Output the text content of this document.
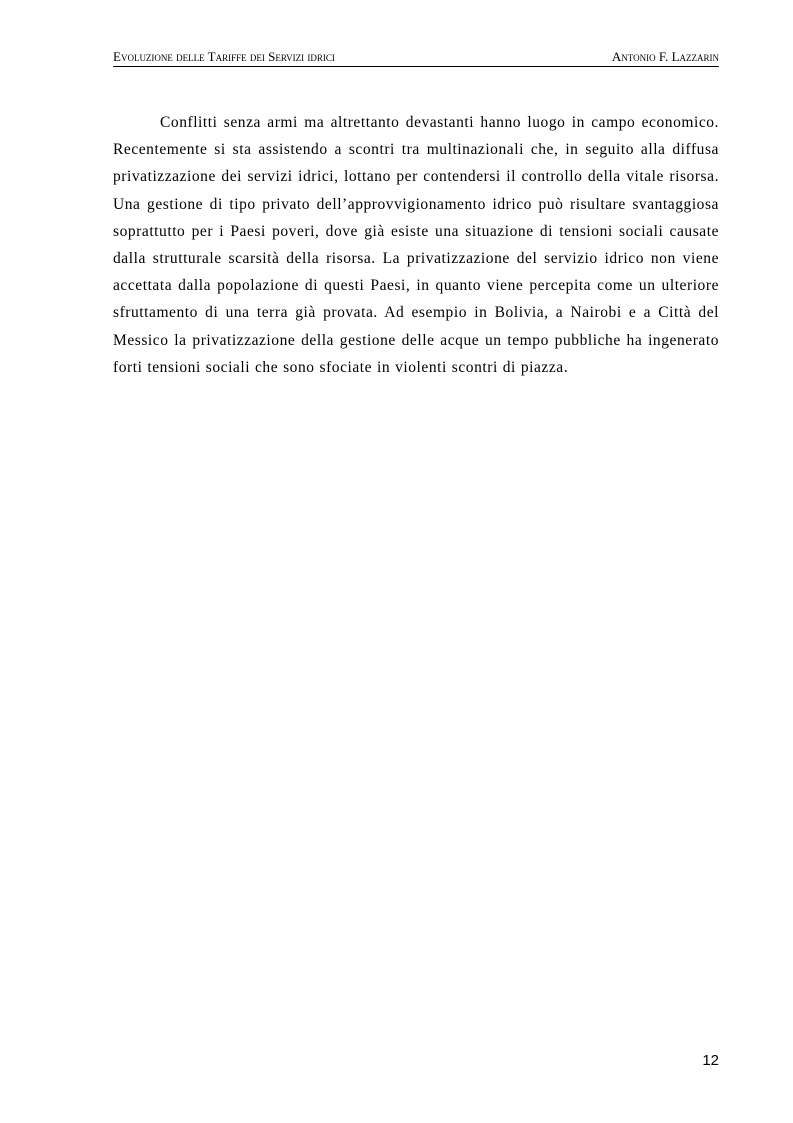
Evoluzione delle Tariffe dei Servizi idrici	Antonio F. Lazzarin

Conflitti senza armi ma altrettanto devastanti hanno luogo in campo economico. Recentemente si sta assistendo a scontri tra multinazionali che, in seguito alla diffusa privatizzazione dei servizi idrici, lottano per contendersi il controllo della vitale risorsa. Una gestione di tipo privato dell’approvvigionamento idrico può risultare svantaggiosa soprattutto per i Paesi poveri, dove già esiste una situazione di tensioni sociali causate dalla strutturale scarsità della risorsa. La privatizzazione del servizio idrico non viene accettata dalla popolazione di questi Paesi, in quanto viene percepita come un ulteriore sfruttamento di una terra già provata. Ad esempio in Bolivia, a Nairobi e a Città del Messico la privatizzazione della gestione delle acque un tempo pubbliche ha ingenerato forti tensioni sociali che sono sfociate in violenti scontri di piazza.

12
